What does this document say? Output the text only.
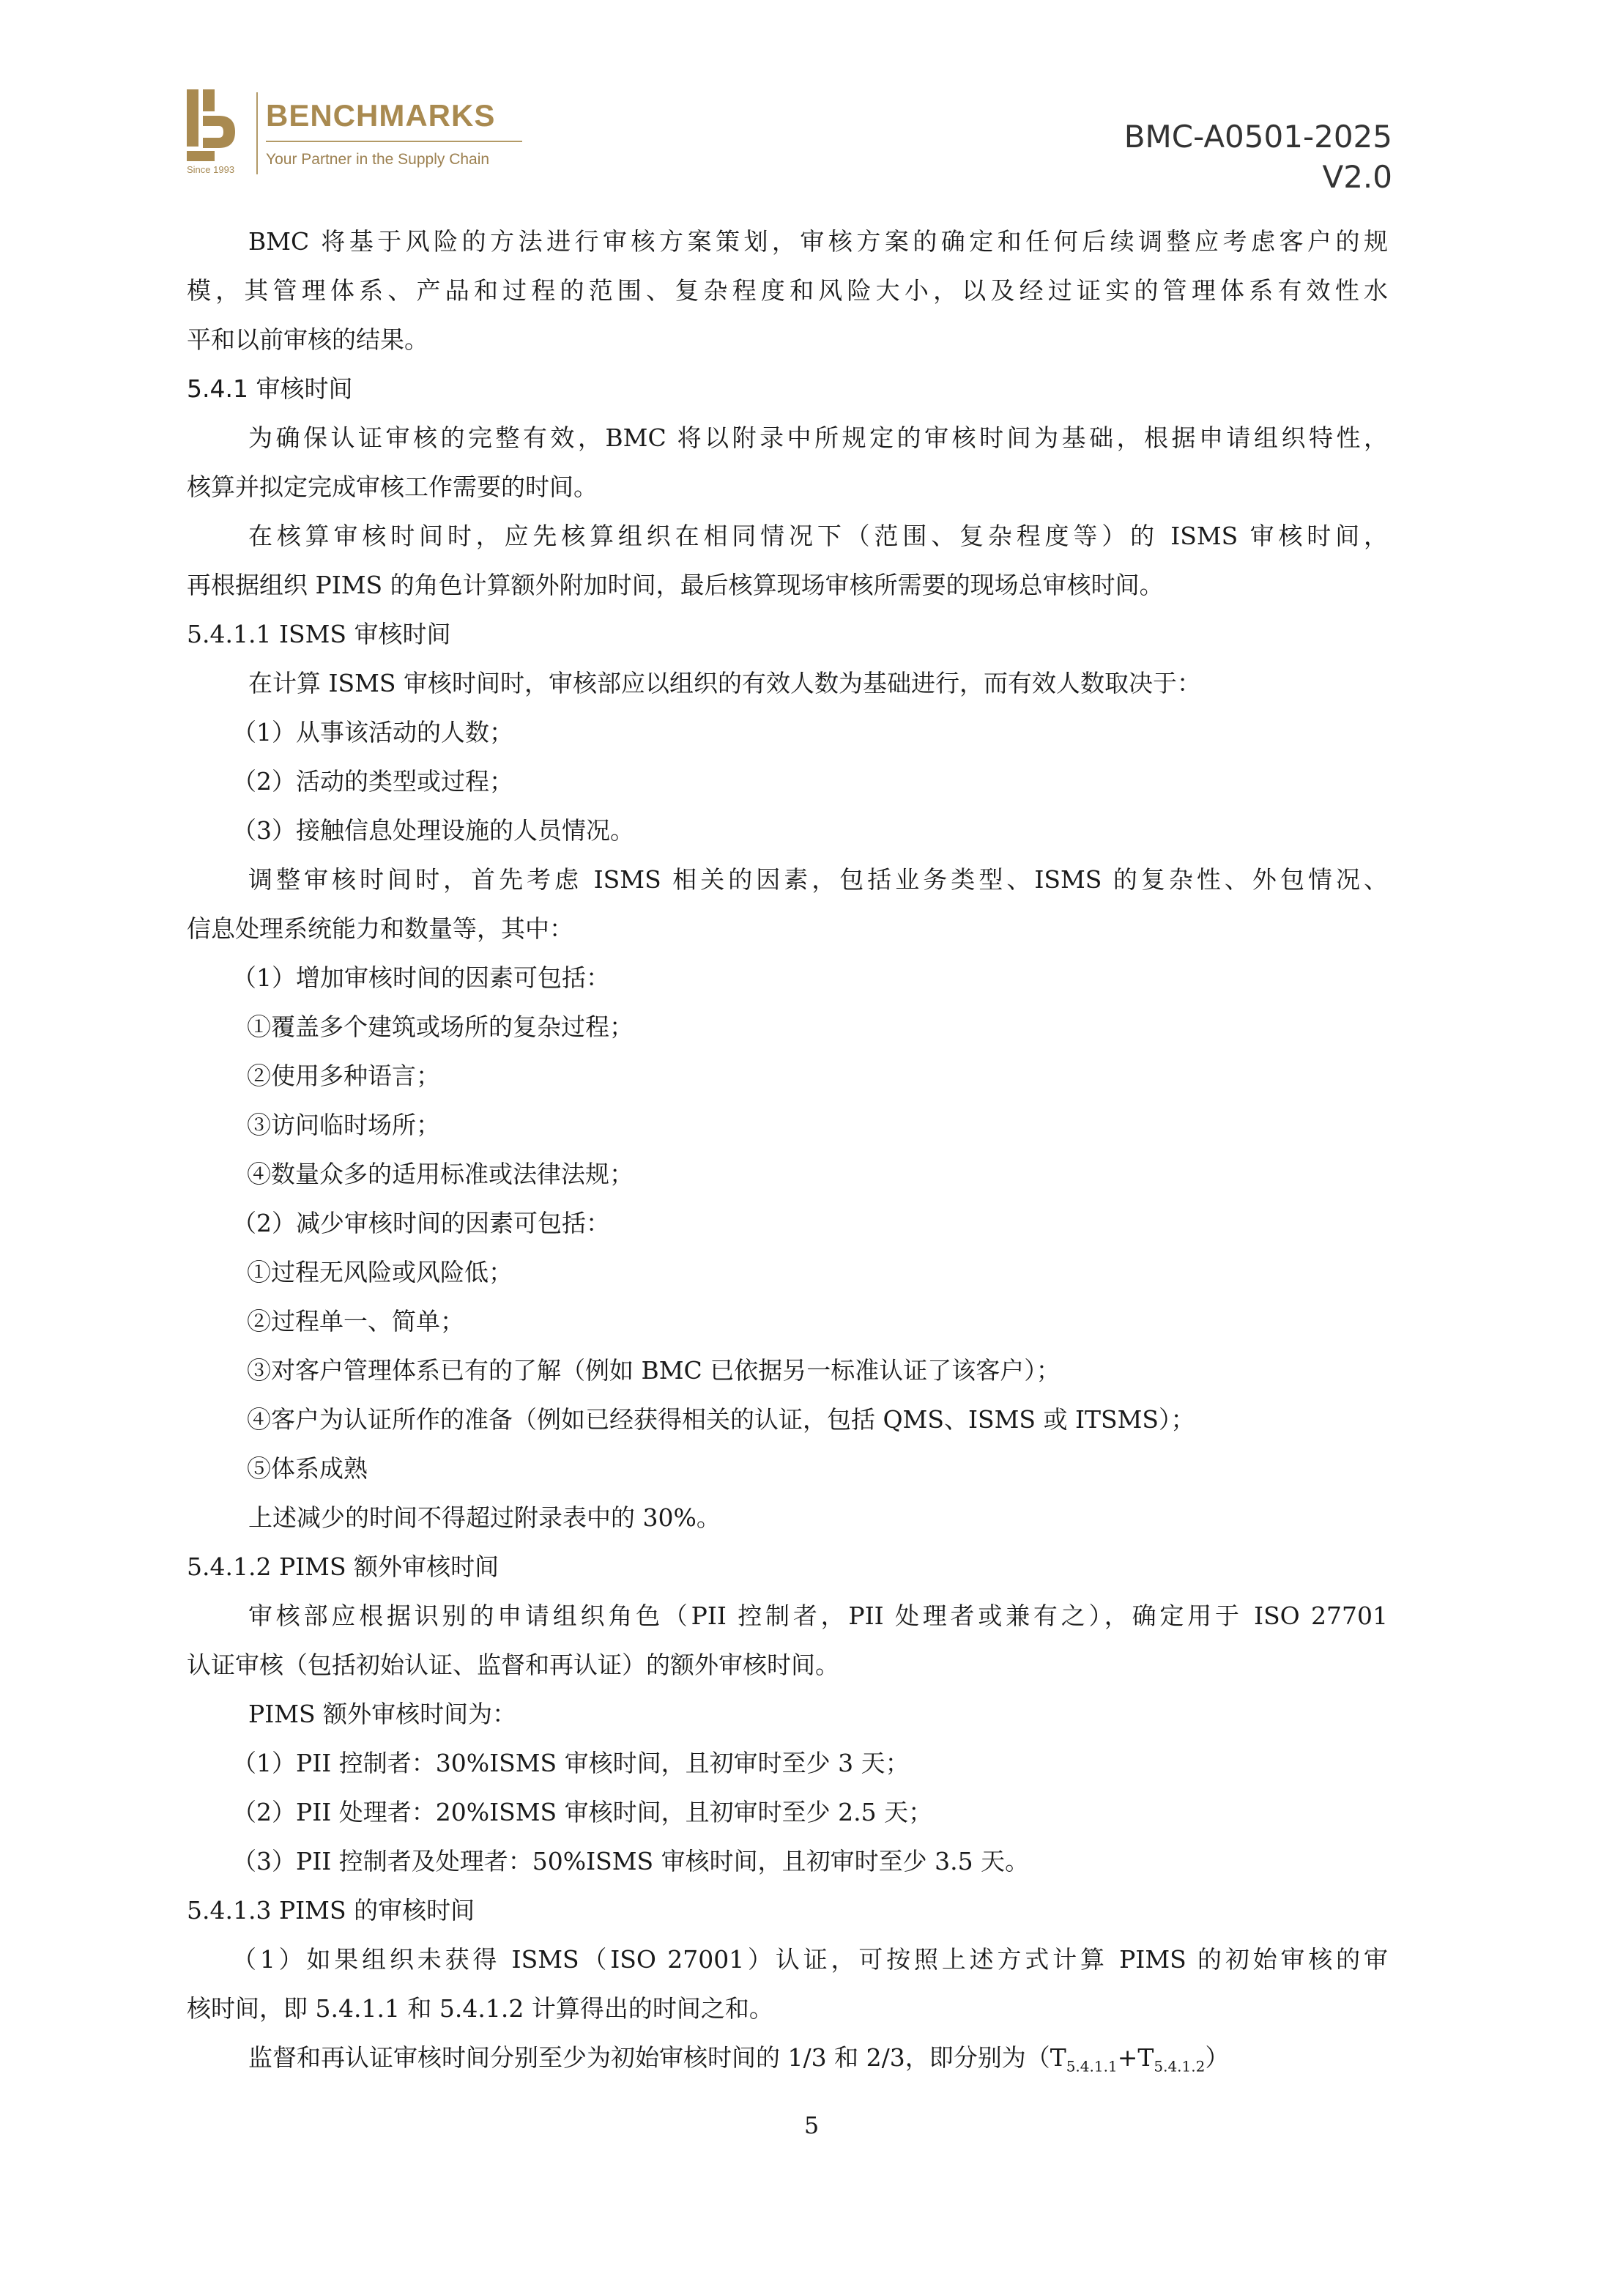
Since 1993
BENCHMARKS
Your Partner in the Supply Chain
BMC-A0501-2025
V2.0

BMC 将基于风险的方法进行审核方案策划，审核方案的确定和任何后续调整应考虑客户的规

模，其管理体系、产品和过程的范围、复杂程度和风险大小，以及经过证实的管理体系有效性水

平和以前审核的结果。

5.4.1 审核时间

为确保认证审核的完整有效，BMC 将以附录中所规定的审核时间为基础，根据申请组织特性，

核算并拟定完成审核工作需要的时间。

在核算审核时间时，应先核算组织在相同情况下（范围、复杂程度等）的 ISMS 审核时间，

再根据组织 PIMS 的角色计算额外附加时间，最后核算现场审核所需要的现场总审核时间。

5.4.1.1 ISMS 审核时间

在计算 ISMS 审核时间时，审核部应以组织的有效人数为基础进行，而有效人数取决于：

（1）从事该活动的人数；

（2）活动的类型或过程；

（3）接触信息处理设施的人员情况。

调整审核时间时，首先考虑 ISMS 相关的因素，包括业务类型、ISMS 的复杂性、外包情况、

信息处理系统能力和数量等，其中：

（1）增加审核时间的因素可包括：

①覆盖多个建筑或场所的复杂过程；

②使用多种语言；

③访问临时场所；

④数量众多的适用标准或法律法规；

（2）减少审核时间的因素可包括：

①过程无风险或风险低；

②过程单一、简单；

③对客户管理体系已有的了解（例如 BMC 已依据另一标准认证了该客户）；

④客户为认证所作的准备（例如已经获得相关的认证，包括 QMS、ISMS 或 ITSMS）；

⑤体系成熟

上述减少的时间不得超过附录表中的 30%。

5.4.1.2 PIMS 额外审核时间

审核部应根据识别的申请组织角色（PII 控制者，PII 处理者或兼有之），确定用于 ISO 27701

认证审核（包括初始认证、监督和再认证）的额外审核时间。

PIMS 额外审核时间为：

（1）PII 控制者：30%ISMS 审核时间，且初审时至少 3 天；

（2）PII 处理者：20%ISMS 审核时间，且初审时至少 2.5 天；

（3）PII 控制者及处理者：50%ISMS 审核时间，且初审时至少 3.5 天。

5.4.1.3 PIMS 的审核时间

（1）如果组织未获得 ISMS（ISO 27001）认证，可按照上述方式计算 PIMS 的初始审核的审

核时间，即 5.4.1.1 和 5.4.1.2 计算得出的时间之和。

监督和再认证审核时间分别至少为初始审核时间的 1/3 和 2/3，即分别为$(T_{5.4.1.1}+T_{5.4.1.2})$

5
